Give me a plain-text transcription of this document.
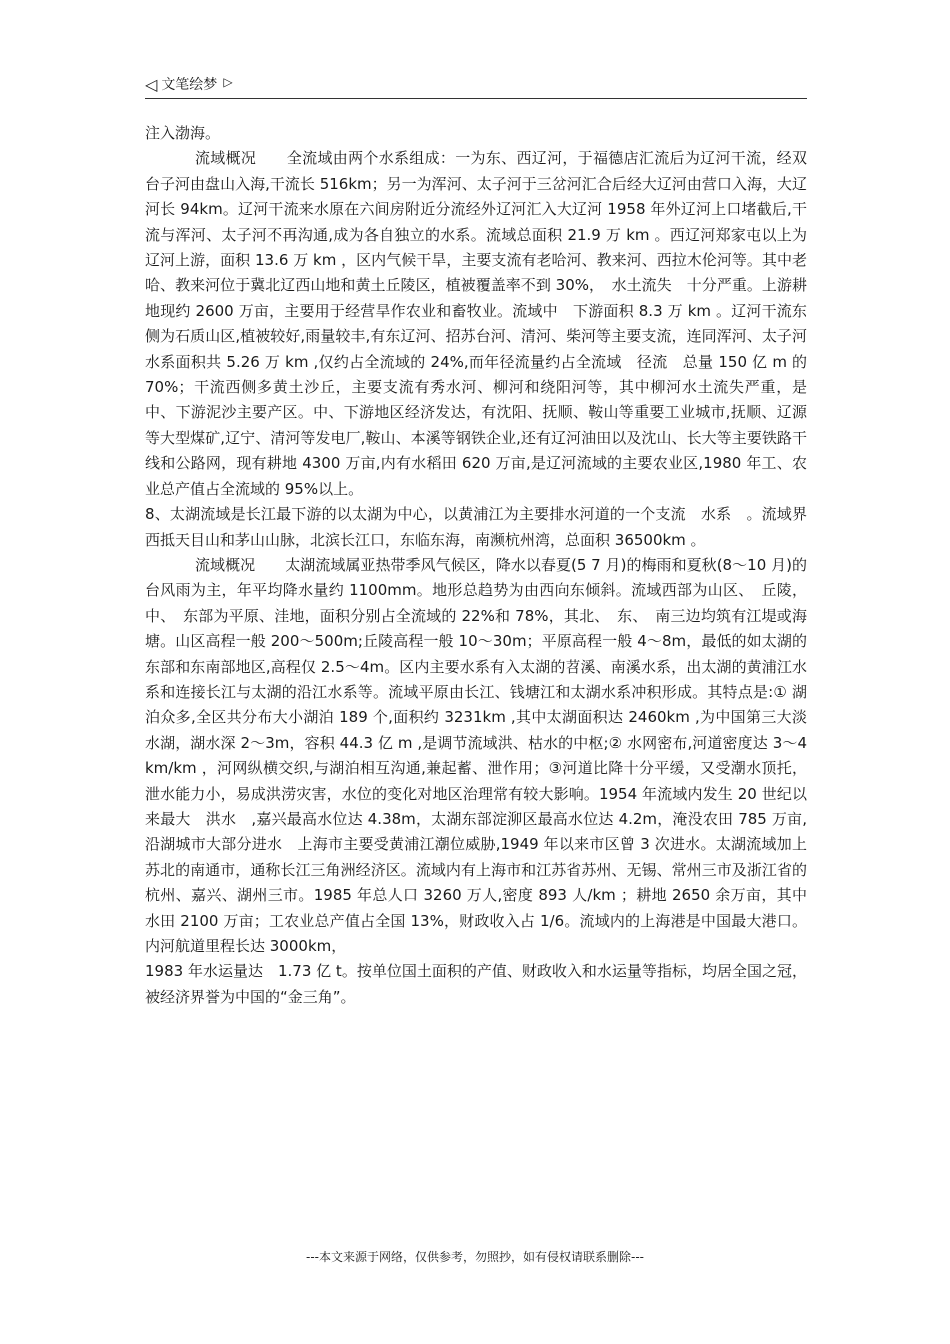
◁ 文笔绘梦 ▷

注入渤海。

流域概况　　全流域由两个水系组成：一为东、西辽河，于福德店汇流后为辽河干流，经双台子河由盘山入海,干流长 516km；另一为浑河、太子河于三岔河汇合后经大辽河由营口入海，大辽河长 94km。辽河干流来水原在六间房附近分流经外辽河汇入大辽河 1958 年外辽河上口堵截后,干流与浑河、太子河不再沟通,成为各自独立的水系。流域总面积 21.9 万 km 。西辽河郑家屯以上为辽河上游，面积 13.6 万 km ，区内气候干旱，主要支流有老哈河、教来河、西拉木伦河等。其中老哈、教来河位于冀北辽西山地和黄土丘陵区，植被覆盖率不到 30%，　水土流失　十分严重。上游耕地现约 2600 万亩，主要用于经营旱作农业和畜牧业。流域中　下游面积 8.3 万 km 。辽河干流东侧为石质山区,植被较好,雨量较丰,有东辽河、招苏台河、清河、柴河等主要支流，连同浑河、太子河水系面积共 5.26 万 km ,仅约占全流域的 24%,而年径流量约占全流域　径流　总量 150 亿 m 的 70%；干流西侧多黄土沙丘，主要支流有秀水河、柳河和绕阳河等，其中柳河水土流失严重，是中、下游泥沙主要产区。中、下游地区经济发达，有沈阳、抚顺、鞍山等重要工业城市,抚顺、辽源等大型煤矿,辽宁、清河等发电厂,鞍山、本溪等钢铁企业,还有辽河油田以及沈山、长大等主要铁路干线和公路网，现有耕地 4300 万亩,内有水稻田 620 万亩,是辽河流域的主要农业区,1980 年工、农业总产值占全流域的 95%以上。

8、太湖流域是长江最下游的以太湖为中心，以黄浦江为主要排水河道的一个支流　水系　。流域界西抵天目山和茅山山脉，北滨长江口，东临东海，南濒杭州湾，总面积 36500km 。

流域概况　　太湖流域属亚热带季风气候区，降水以春夏(5 7 月)的梅雨和夏秋(8～10 月)的台风雨为主，年平均降水量约 1100mm。地形总趋势为由西向东倾斜。流域西部为山区、　丘陵，中、　东部为平原、洼地，面积分别占全流域的 22%和 78%，其北、　东、　南三边均筑有江堤或海塘。山区高程一般 200～500m;丘陵高程一般 10～30m；平原高程一般 4～8m，最低的如太湖的东部和东南部地区,高程仅 2.5～4m。区内主要水系有入太湖的苕溪、南溪水系，出太湖的黄浦江水系和连接长江与太湖的沿江水系等。流域平原由长江、钱塘江和太湖水系冲积形成。其特点是:① 湖泊众多,全区共分布大小湖泊 189 个,面积约 3231km ,其中太湖面积达 2460km ,为中国第三大淡水湖，湖水深 2～3m，容积 44.3 亿 m ,是调节流域洪、枯水的中枢;② 水网密布,河道密度达 3～4km/km ，河网纵横交织,与湖泊相互沟通,兼起蓄、泄作用；③河道比降十分平缓，又受潮水顶托，泄水能力小，易成洪涝灾害，水位的变化对地区治理常有较大影响。1954 年流域内发生 20 世纪以来最大　洪水　,嘉兴最高水位达 4.38m，太湖东部淀泖区最高水位达 4.2m，淹没农田 785 万亩,沿湖城市大部分进水　上海市主要受黄浦江潮位威胁,1949 年以来市区曾 3 次进水。太湖流域加上苏北的南通市，通称长江三角洲经济区。流域内有上海市和江苏省苏州、无锡、常州三市及浙江省的杭州、嘉兴、湖州三市。1985 年总人口 3260 万人,密度 893 人/km ；耕地 2650 余万亩，其中水田 2100 万亩；工农业总产值占全国 13%，财政收入占 1/6。流域内的上海港是中国最大港口。内河航道里程长达 3000km，

1983 年水运量达　1.73 亿 t。按单位国土面积的产值、财政收入和水运量等指标，均居全国之冠，被经济界誉为中国的“金三角”。

---本文来源于网络，仅供参考，勿照抄，如有侵权请联系删除---
